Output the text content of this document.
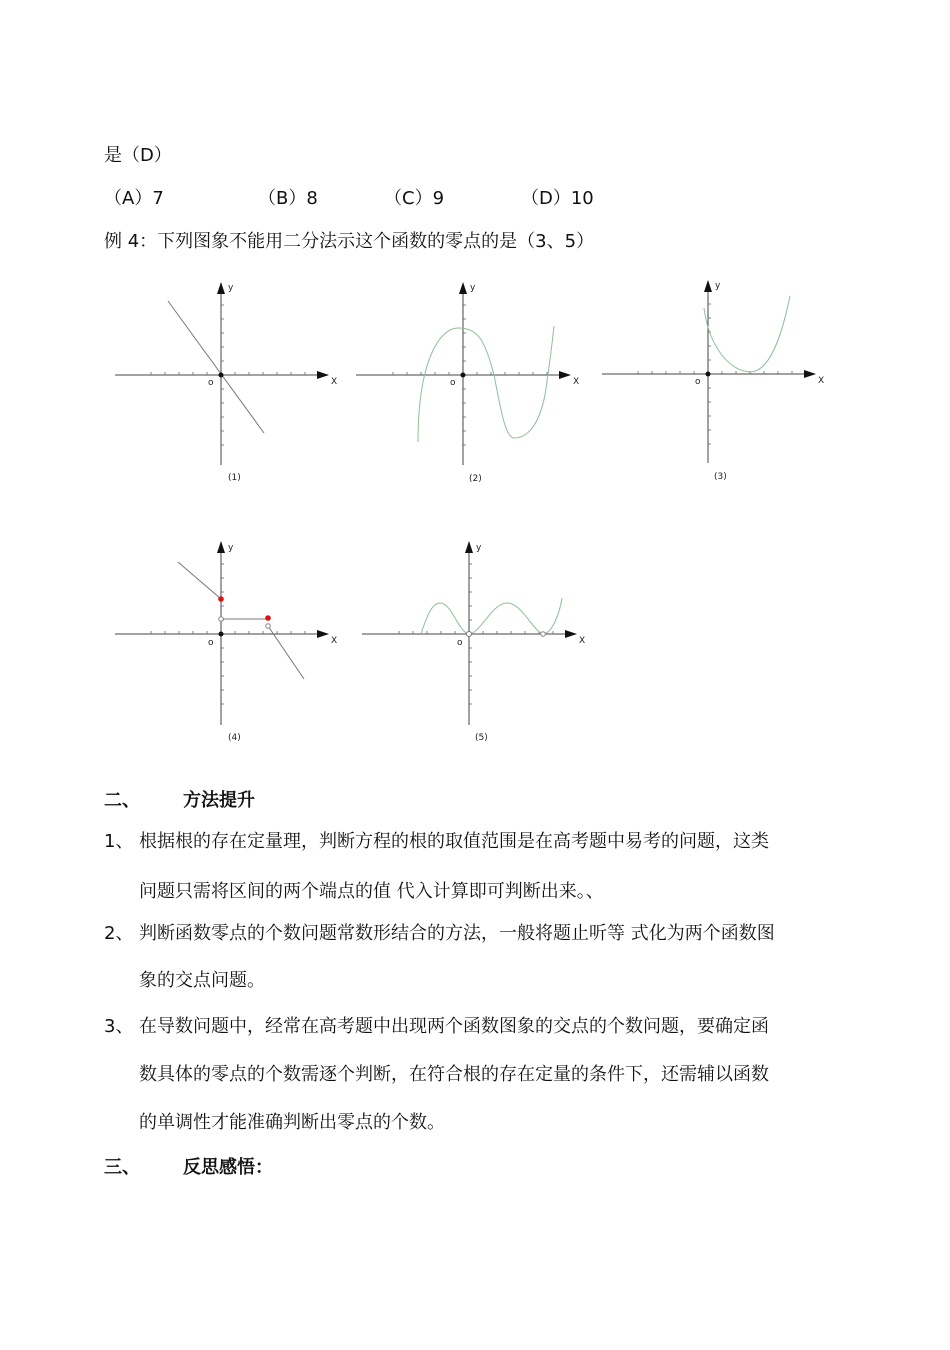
是（D）
（A）7	（B）8	（C）9	（D）10
例 4：下列图象不能用二分法示这个函数的零点的是（3、5）
y
X
o
(1)
y
X
o
(2)
y
X
o
(3)
y
X
o
(4)
y
X
o
(5)
二、 方法提升
1、 根据根的存在定量理，判断方程的根的取值范围是在高考题中易考的问题，这类
问题只需将区间的两个端点的值 代入计算即可判断出来。、
2、 判断函数零点的个数问题常数形结合的方法，一般将题止听等 式化为两个函数图
象的交点问题。
3、 在导数问题中，经常在高考题中出现两个函数图象的交点的个数问题，要确定函
数具体的零点的个数需逐个判断，在符合根的存在定量的条件下，还需辅以函数
的单调性才能准确判断出零点的个数。
三、 反思感悟：
